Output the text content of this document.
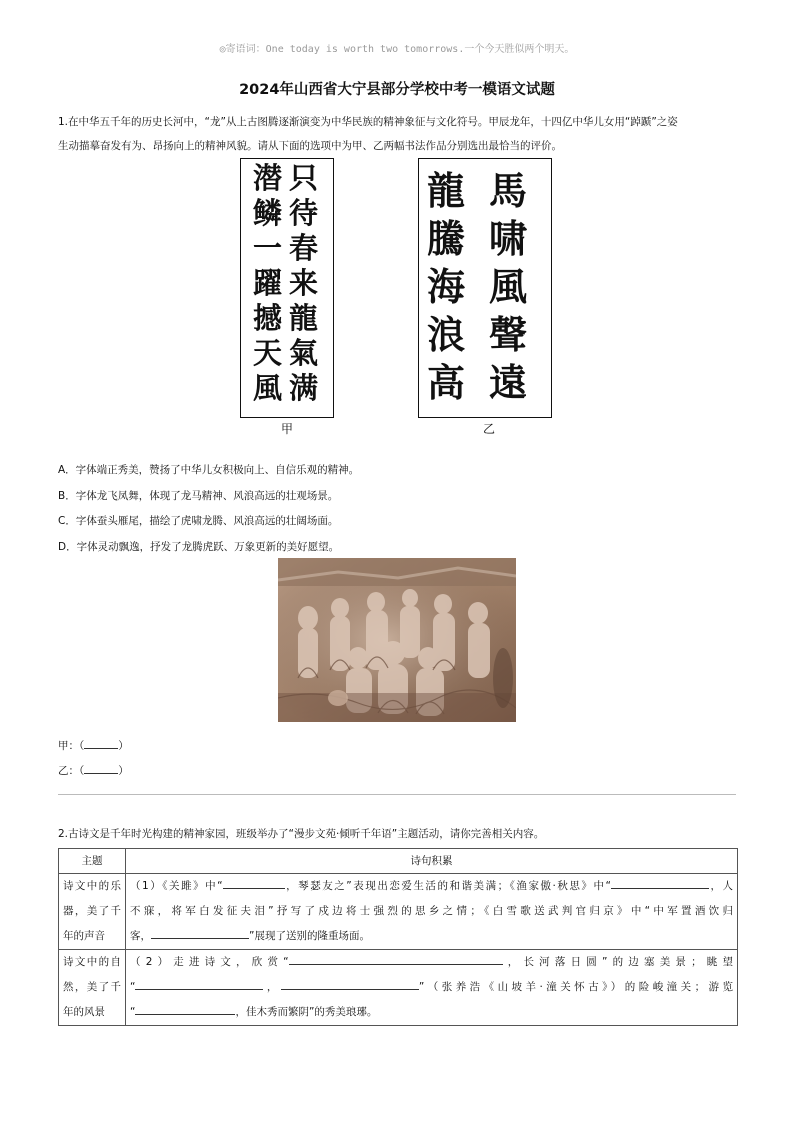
◎寄语词：One today is worth two tomorrows.一个今天胜似两个明天。
2024年山西省大宁县部分学校中考一模语文试题
1.在中华五千年的历史长河中，“龙”从上古图腾逐渐演变为中华民族的精神象征与文化符号。甲辰龙年，十四亿中华儿女用“踔踬”之姿
生动描摹奋发有为、昂扬向上的精神风貌。请从下面的选项中为甲、乙两幅书法作品分别选出最恰当的评价。
只
待
春
来
龍
氣
满
潜
鳞
一
躍
撼
天
風
甲
馬
啸
風
聲
遠
龍
騰
海
浪
高
乙
A．字体端正秀美，赞扬了中华儿女积极向上、自信乐观的精神。
B．字体龙飞凤舞，体现了龙马精神、风浪高远的壮观场景。
C．字体蚕头雁尾，描绘了虎啸龙腾、风浪高远的壮阔场面。
D．字体灵动飘逸，抒发了龙腾虎跃、万象更新的美好愿望。
甲：（	）
乙：（	）
2.古诗文是千年时光构建的精神家园，班级举办了“漫步文苑·倾听千年语”主题活动，请你完善相关内容。
主题	诗句积累

诗文中的乐
器，美了千
年的声音	（1）《关雎》中“ ，琴瑟友之”表现出恋爱生活的和谐美满；《渔家傲·秋思》中“ ，人
不寐，将军白发征夫泪”抒写了戍边将士强烈的思乡之情；《白雪歌送武判官归京》中“中军置酒饮归
客， ”展现了送别的隆重场面。

诗文中的自
然，美了千
年的风景	（2）走进诗文，欣赏“ ，长河落日圆”的边塞美景；眺望
“ ， ”（张养浩《山坡羊·潼关怀古》）的险峻潼关；游览
“ ，佳木秀而繁阴”的秀美琅琊。
